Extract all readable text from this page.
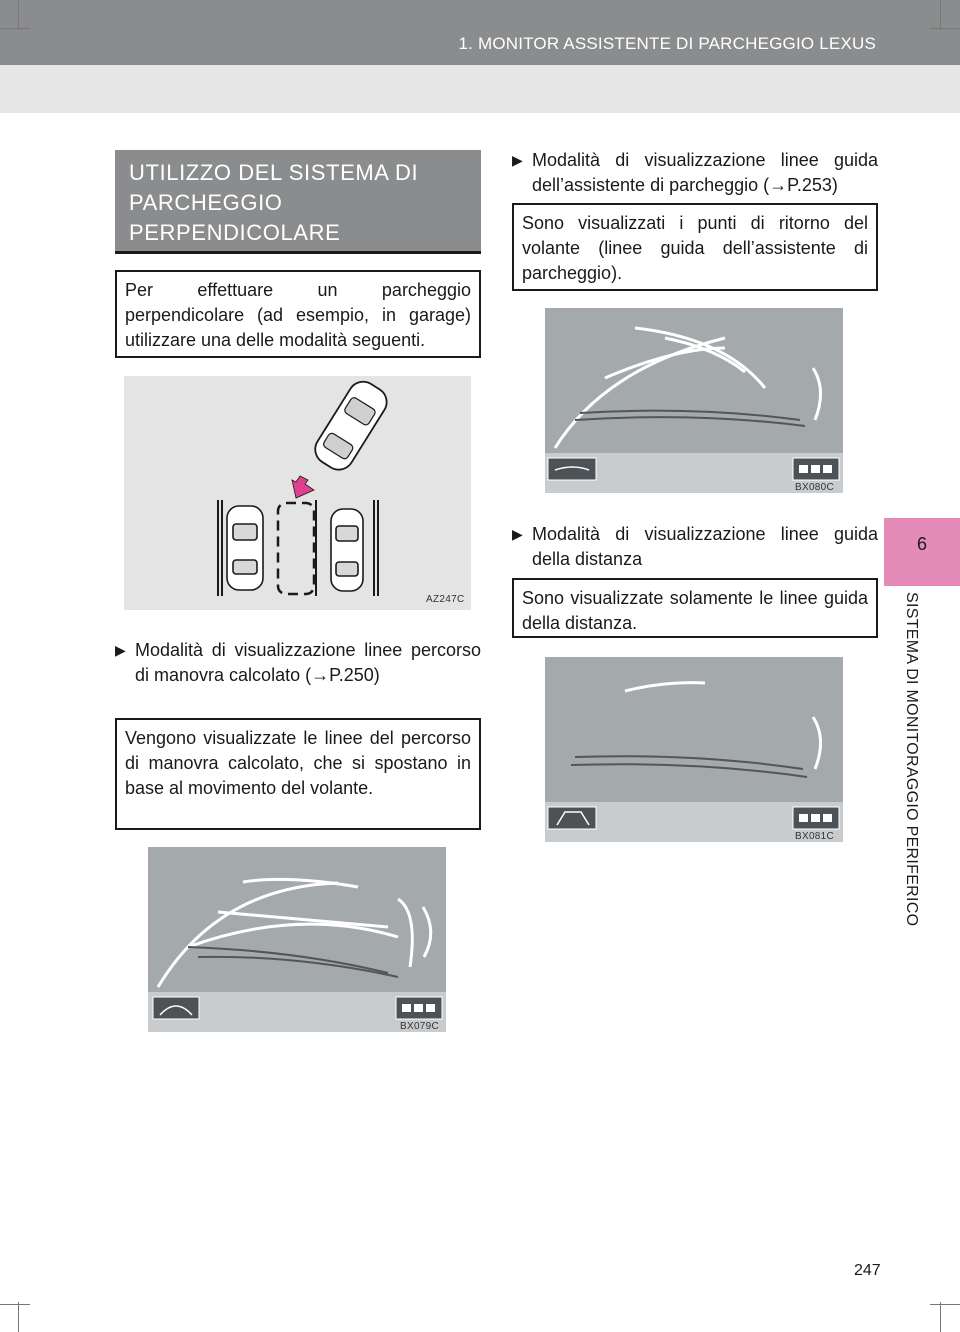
1. MONITOR ASSISTENTE DI PARCHEGGIO LEXUS
6
SISTEMA DI MONITORAGGIO PERIFERICO
UTILIZZO DEL SISTEMA DI
PARCHEGGIO
PERPENDICOLARE
Per effettuare un parcheggio perpendicolare (ad esempio, in garage) utilizzare una delle modalità seguenti.
AZ247C
▶ Modalità di visualizzazione linee percorso di manovra calcolato (→P.250)
Vengono visualizzate le linee del percorso di manovra calcolato, che si spostano in base al movimento del volante.
BX079C
▶ Modalità di visualizzazione linee guida dell’assistente di parcheggio (→P.253)
Sono visualizzati i punti di ritorno del volante (linee guida dell’assistente di parcheggio).
BX080C
▶ Modalità di visualizzazione linee guida della distanza
Sono visualizzate solamente le linee guida della distanza.
BX081C
247
